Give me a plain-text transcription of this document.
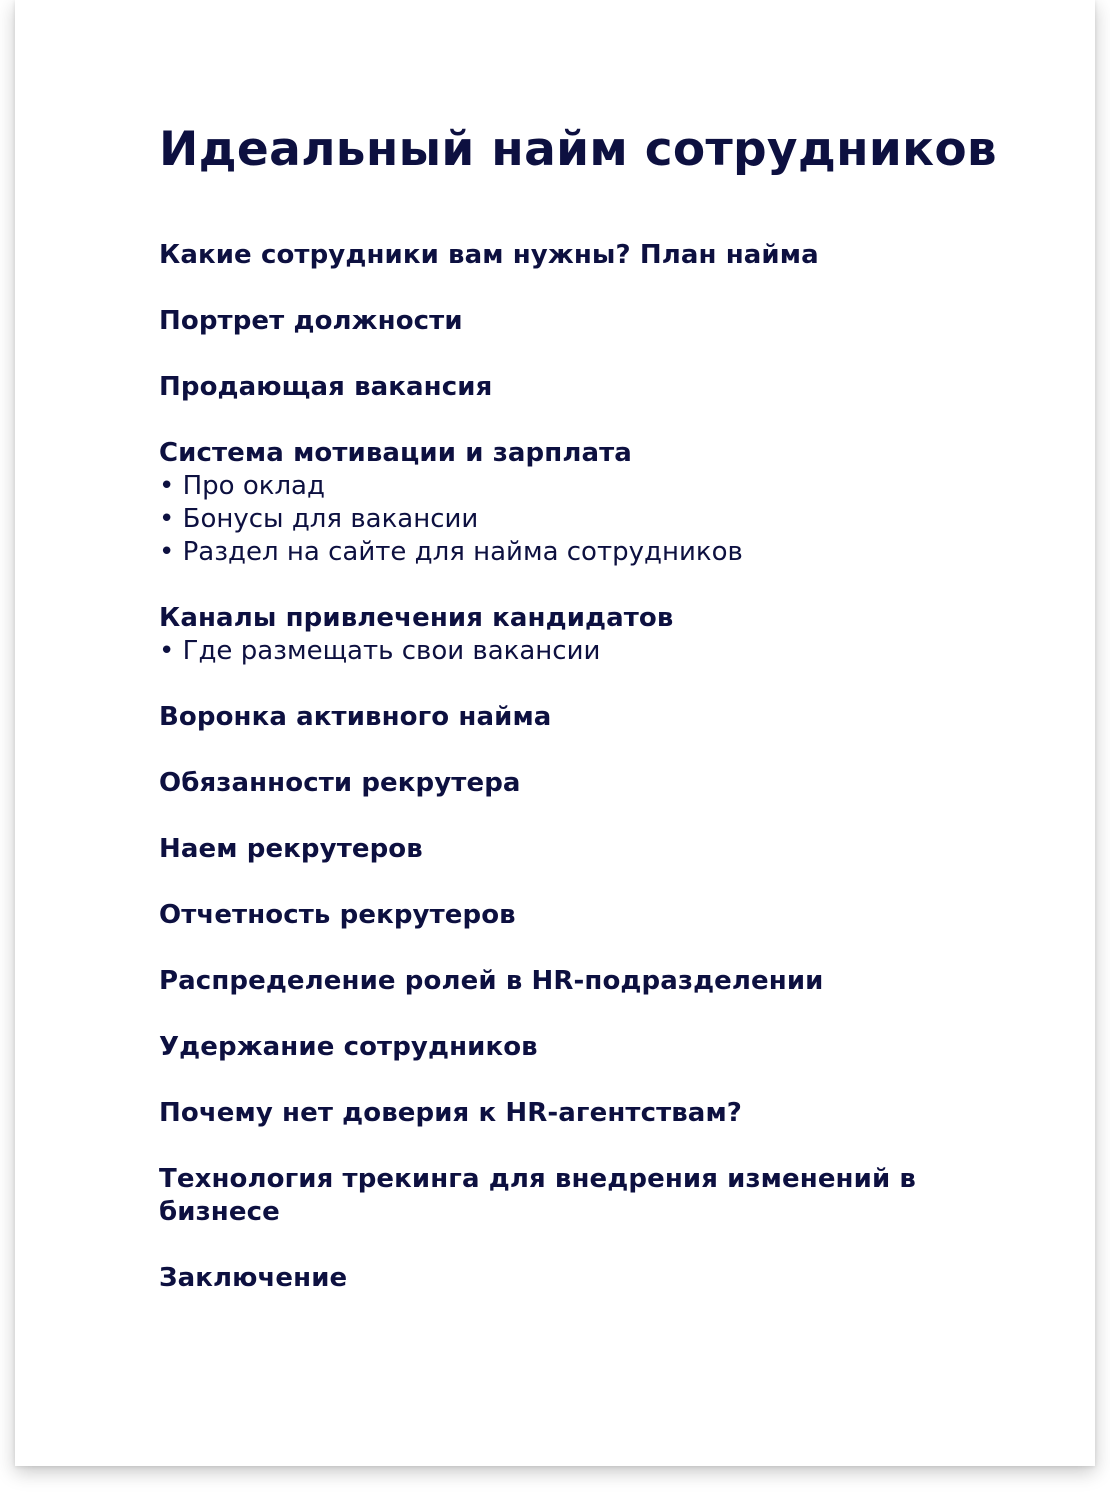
Идеальный найм сотрудников

Какие сотрудники вам нужны? План найма

Портрет должности

Продающая вакансия

Система мотивации и зарплата

• Про оклад

• Бонусы для вакансии

• Раздел на сайте для найма сотрудников

Каналы привлечения кандидатов

• Где размещать свои вакансии

Воронка активного найма

Обязанности рекрутера

Наем рекрутеров

Отчетность рекрутеров

Распределение ролей в HR-подразделении

Удержание сотрудников

Почему нет доверия к HR-агентствам?

Технология трекинга для внедрения изменений в бизнесе

Заключение
